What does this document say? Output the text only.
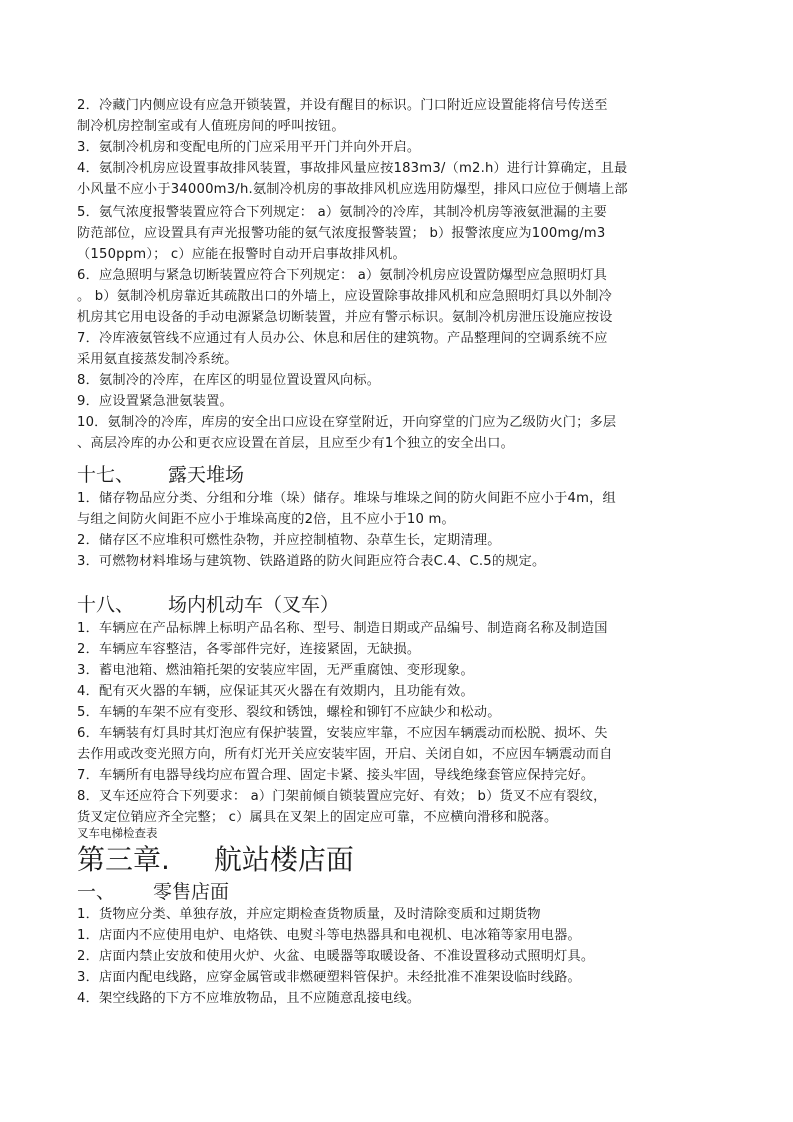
2．冷藏门内侧应设有应急开锁装置，并设有醒目的标识。门口附近应设置能将信号传送至
制冷机房控制室或有人值班房间的呼叫按钮。
3．氨制冷机房和变配电所的门应采用平开门并向外开启。
4．氨制冷机房应设置事故排风装置，事故排风量应按183m3/（m2.h）进行计算确定，且最
小风量不应小于34000m3/h.氨制冷机房的事故排风机应选用防爆型，排风口应位于侧墙上部
5．氨气浓度报警装置应符合下列规定： a）氨制冷的冷库，其制冷机房等液氨泄漏的主要
防范部位，应设置具有声光报警功能的氨气浓度报警装置； b）报警浓度应为100mg/m3
（150ppm）； c）应能在报警时自动开启事故排风机。
6．应急照明与紧急切断装置应符合下列规定： a）氨制冷机房应设置防爆型应急照明灯具
。 b）氨制冷机房靠近其疏散出口的外墙上，应设置除事故排风机和应急照明灯具以外制冷
机房其它用电设备的手动电源紧急切断装置，并应有警示标识。氨制冷机房泄压设施应按设
7．冷库液氨管线不应通过有人员办公、休息和居住的建筑物。产品整理间的空调系统不应
采用氨直接蒸发制冷系统。
8．氨制冷的冷库，在库区的明显位置设置风向标。
9．应设置紧急泄氨装置。
10．氨制冷的冷库，库房的安全出口应设在穿堂附近，开向穿堂的门应为乙级防火门；多层
、高层冷库的办公和更衣应设置在首层，且应至少有1个独立的安全出口。
十七、 露天堆场
1．储存物品应分类、分组和分堆（垛）储存。堆垛与堆垛之间的防火间距不应小于4m，组
与组之间防火间距不应小于堆垛高度的2倍，且不应小于10 m。
2．储存区不应堆积可燃性杂物，并应控制植物、杂草生长，定期清理。
3．可燃物材料堆场与建筑物、铁路道路的防火间距应符合表C.4、C.5的规定。
十八、 场内机动车（叉车）
1．车辆应在产品标牌上标明产品名称、型号、制造日期或产品编号、制造商名称及制造国
2．车辆应车容整洁，各零部件完好，连接紧固，无缺损。
3．蓄电池箱、燃油箱托架的安装应牢固，无严重腐蚀、变形现象。
4．配有灭火器的车辆，应保证其灭火器在有效期内，且功能有效。
5．车辆的车架不应有变形、裂纹和锈蚀，螺栓和铆钉不应缺少和松动。
6．车辆装有灯具时其灯泡应有保护装置，安装应牢靠，不应因车辆震动而松脱、损坏、失
去作用或改变光照方向，所有灯光开关应安装牢固，开启、关闭自如，不应因车辆震动而自
7．车辆所有电器导线均应布置合理、固定卡紧、接头牢固，导线绝缘套管应保持完好。
8．叉车还应符合下列要求： a）门架前倾自锁装置应完好、有效； b）货叉不应有裂纹，
货叉定位销应齐全完整； c）属具在叉架上的固定应可靠，不应横向滑移和脱落。
叉车电梯检查表
第三章. 航站楼店面
一、 零售店面
1．货物应分类、单独存放，并应定期检查货物质量，及时清除变质和过期货物
1．店面内不应使用电炉、电烙铁、电熨斗等电热器具和电视机、电冰箱等家用电器。
2．店面内禁止安放和使用火炉、火盆、电暖器等取暖设备、不准设置移动式照明灯具。
3．店面内配电线路，应穿金属管或非燃硬塑料管保护。未经批准不准架设临时线路。
4．架空线路的下方不应堆放物品，且不应随意乱接电线。
